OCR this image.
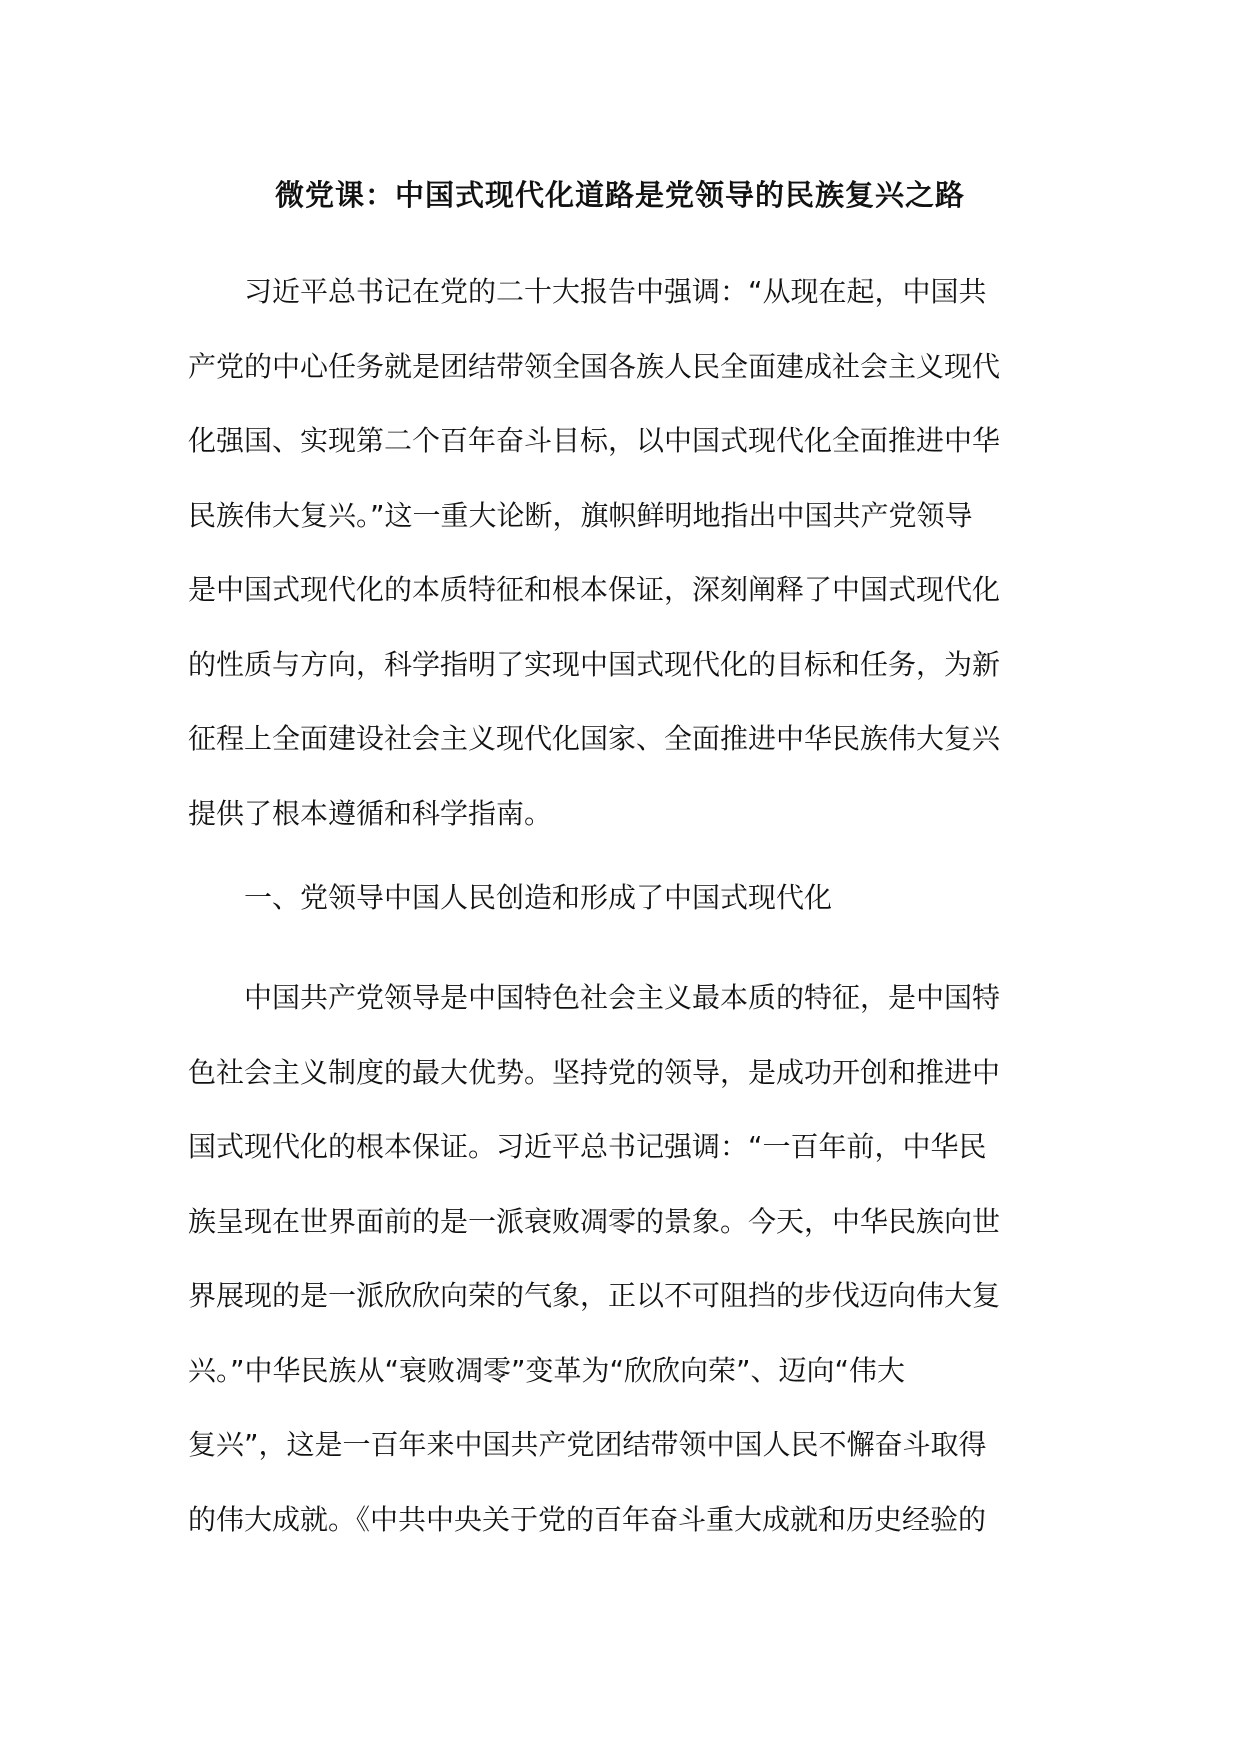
微党课：中国式现代化道路是党领导的民族复兴之路
习近平总书记在党的二十大报告中强调：“从现在起，中国共
产党的中心任务就是团结带领全国各族人民全面建成社会主义现代
化强国、实现第二个百年奋斗目标，以中国式现代化全面推进中华
民族伟大复兴。”这一重大论断，旗帜鲜明地指出中国共产党领导
是中国式现代化的本质特征和根本保证，深刻阐释了中国式现代化
的性质与方向，科学指明了实现中国式现代化的目标和任务，为新
征程上全面建设社会主义现代化国家、全面推进中华民族伟大复兴
提供了根本遵循和科学指南。
一、党领导中国人民创造和形成了中国式现代化
中国共产党领导是中国特色社会主义最本质的特征，是中国特
色社会主义制度的最大优势。坚持党的领导，是成功开创和推进中
国式现代化的根本保证。习近平总书记强调：“一百年前，中华民
族呈现在世界面前的是一派衰败凋零的景象。今天，中华民族向世
界展现的是一派欣欣向荣的气象，正以不可阻挡的步伐迈向伟大复
兴。”中华民族从“衰败凋零”变革为“欣欣向荣”、迈向“伟大
复兴”，这是一百年来中国共产党团结带领中国人民不懈奋斗取得
的伟大成就。《中共中央关于党的百年奋斗重大成就和历史经验的
